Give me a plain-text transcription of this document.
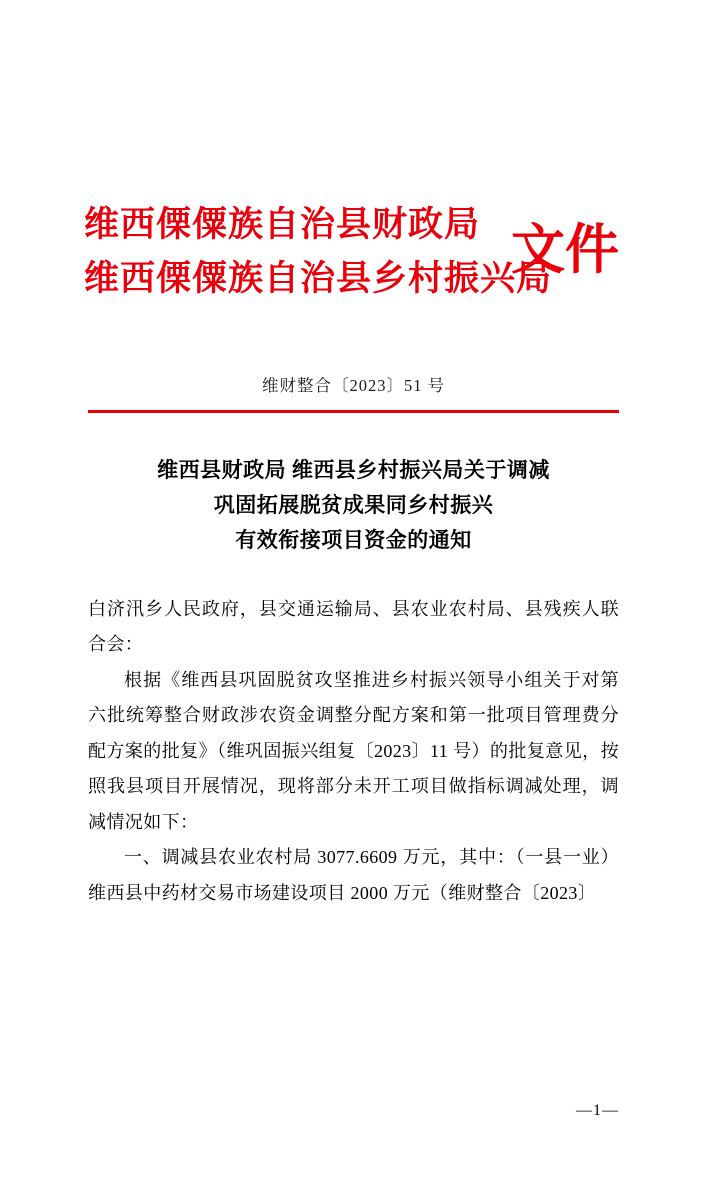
文件
维西傈僳族自治县财政局
维西傈僳族自治县乡村振兴局
维财整合〔2023〕51 号
维西县财政局 维西县乡村振兴局关于调减
巩固拓展脱贫成果同乡村振兴
有效衔接项目资金的通知

白济汛乡人民政府，县交通运输局、县农业农村局、县残疾人联合会：

根据《维西县巩固脱贫攻坚推进乡村振兴领导小组关于对第六批统筹整合财政涉农资金调整分配方案和第一批项目管理费分配方案的批复》（维巩固振兴组复〔2023〕11 号）的批复意见，按照我县项目开展情况，现将部分未开工项目做指标调减处理，调减情况如下：

一、调减县农业农村局 3077.6609 万元，其中：（一县一业）维西县中药材交易市场建设项目 2000 万元（维财整合〔2023〕

—1—
